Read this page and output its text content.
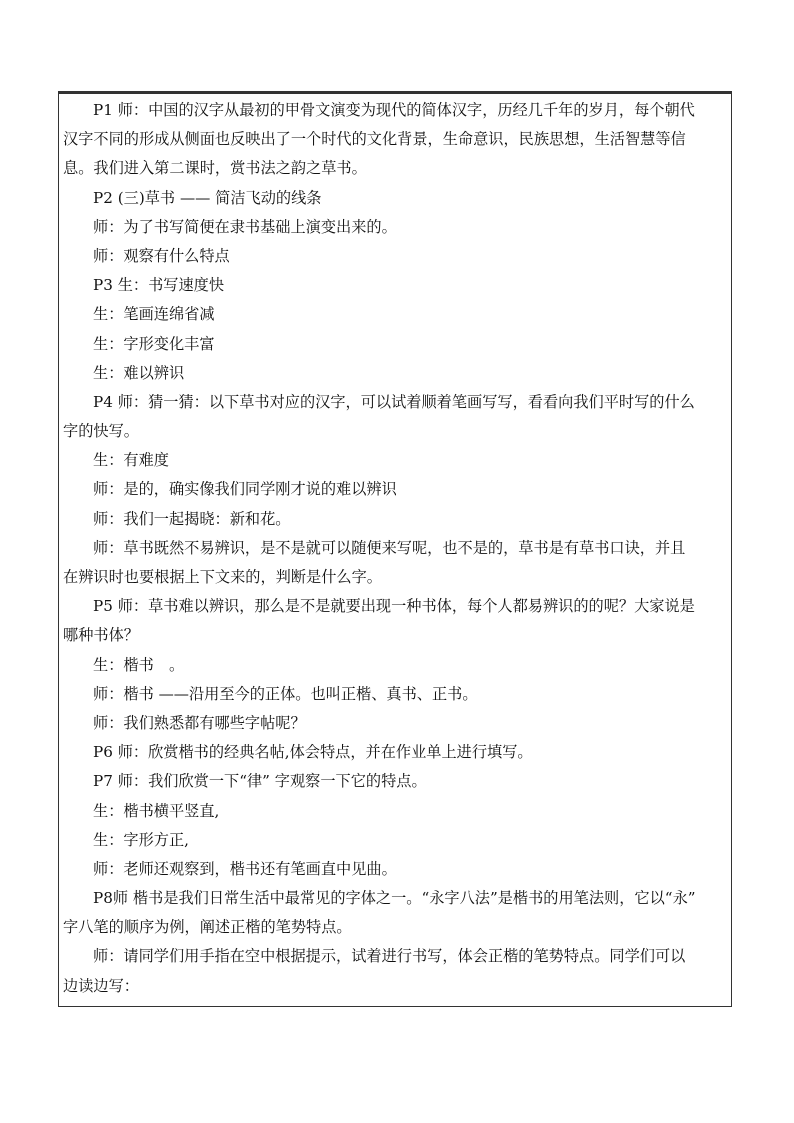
P1 师：中国的汉字从最初的甲骨文演变为现代的简体汉字，历经几千年的岁月，每个朝代
汉字不同的形成从侧面也反映出了一个时代的文化背景，生命意识，民族思想，生活智慧等信
息。我们进入第二课时，赏书法之韵之草书。
P2 (三)草书 —— 简洁飞动的线条
师：为了书写简便在隶书基础上演变出来的。
师：观察有什么特点
P3 生：书写速度快
生：笔画连绵省减
生：字形变化丰富
生：难以辨识
P4 师：猜一猜：以下草书对应的汉字，可以试着顺着笔画写写，看看向我们平时写的什么
字的快写。
生：有难度
师：是的，确实像我们同学刚才说的难以辨识
师：我们一起揭晓：新和花。
师：草书既然不易辨识，是不是就可以随便来写呢，也不是的，草书是有草书口诀，并且
在辨识时也要根据上下文来的，判断是什么字。
P5 师：草书难以辨识，那么是不是就要出现一种书体，每个人都易辨识的的呢？大家说是
哪种书体？
生：楷书　。
师：楷书 ——沿用至今的正体。也叫正楷、真书、正书。
师：我们熟悉都有哪些字帖呢？
P6 师：欣赏楷书的经典名帖,体会特点，并在作业单上进行填写。
P7 师：我们欣赏一下“律” 字观察一下它的特点。
生：楷书横平竖直,
生：字形方正,
师：老师还观察到，楷书还有笔画直中见曲。
P8师 楷书是我们日常生活中最常见的字体之一。“永字八法”是楷书的用笔法则，它以“永”
字八笔的顺序为例，阐述正楷的笔势特点。
师：请同学们用手指在空中根据提示，试着进行书写，体会正楷的笔势特点。同学们可以
边读边写：
